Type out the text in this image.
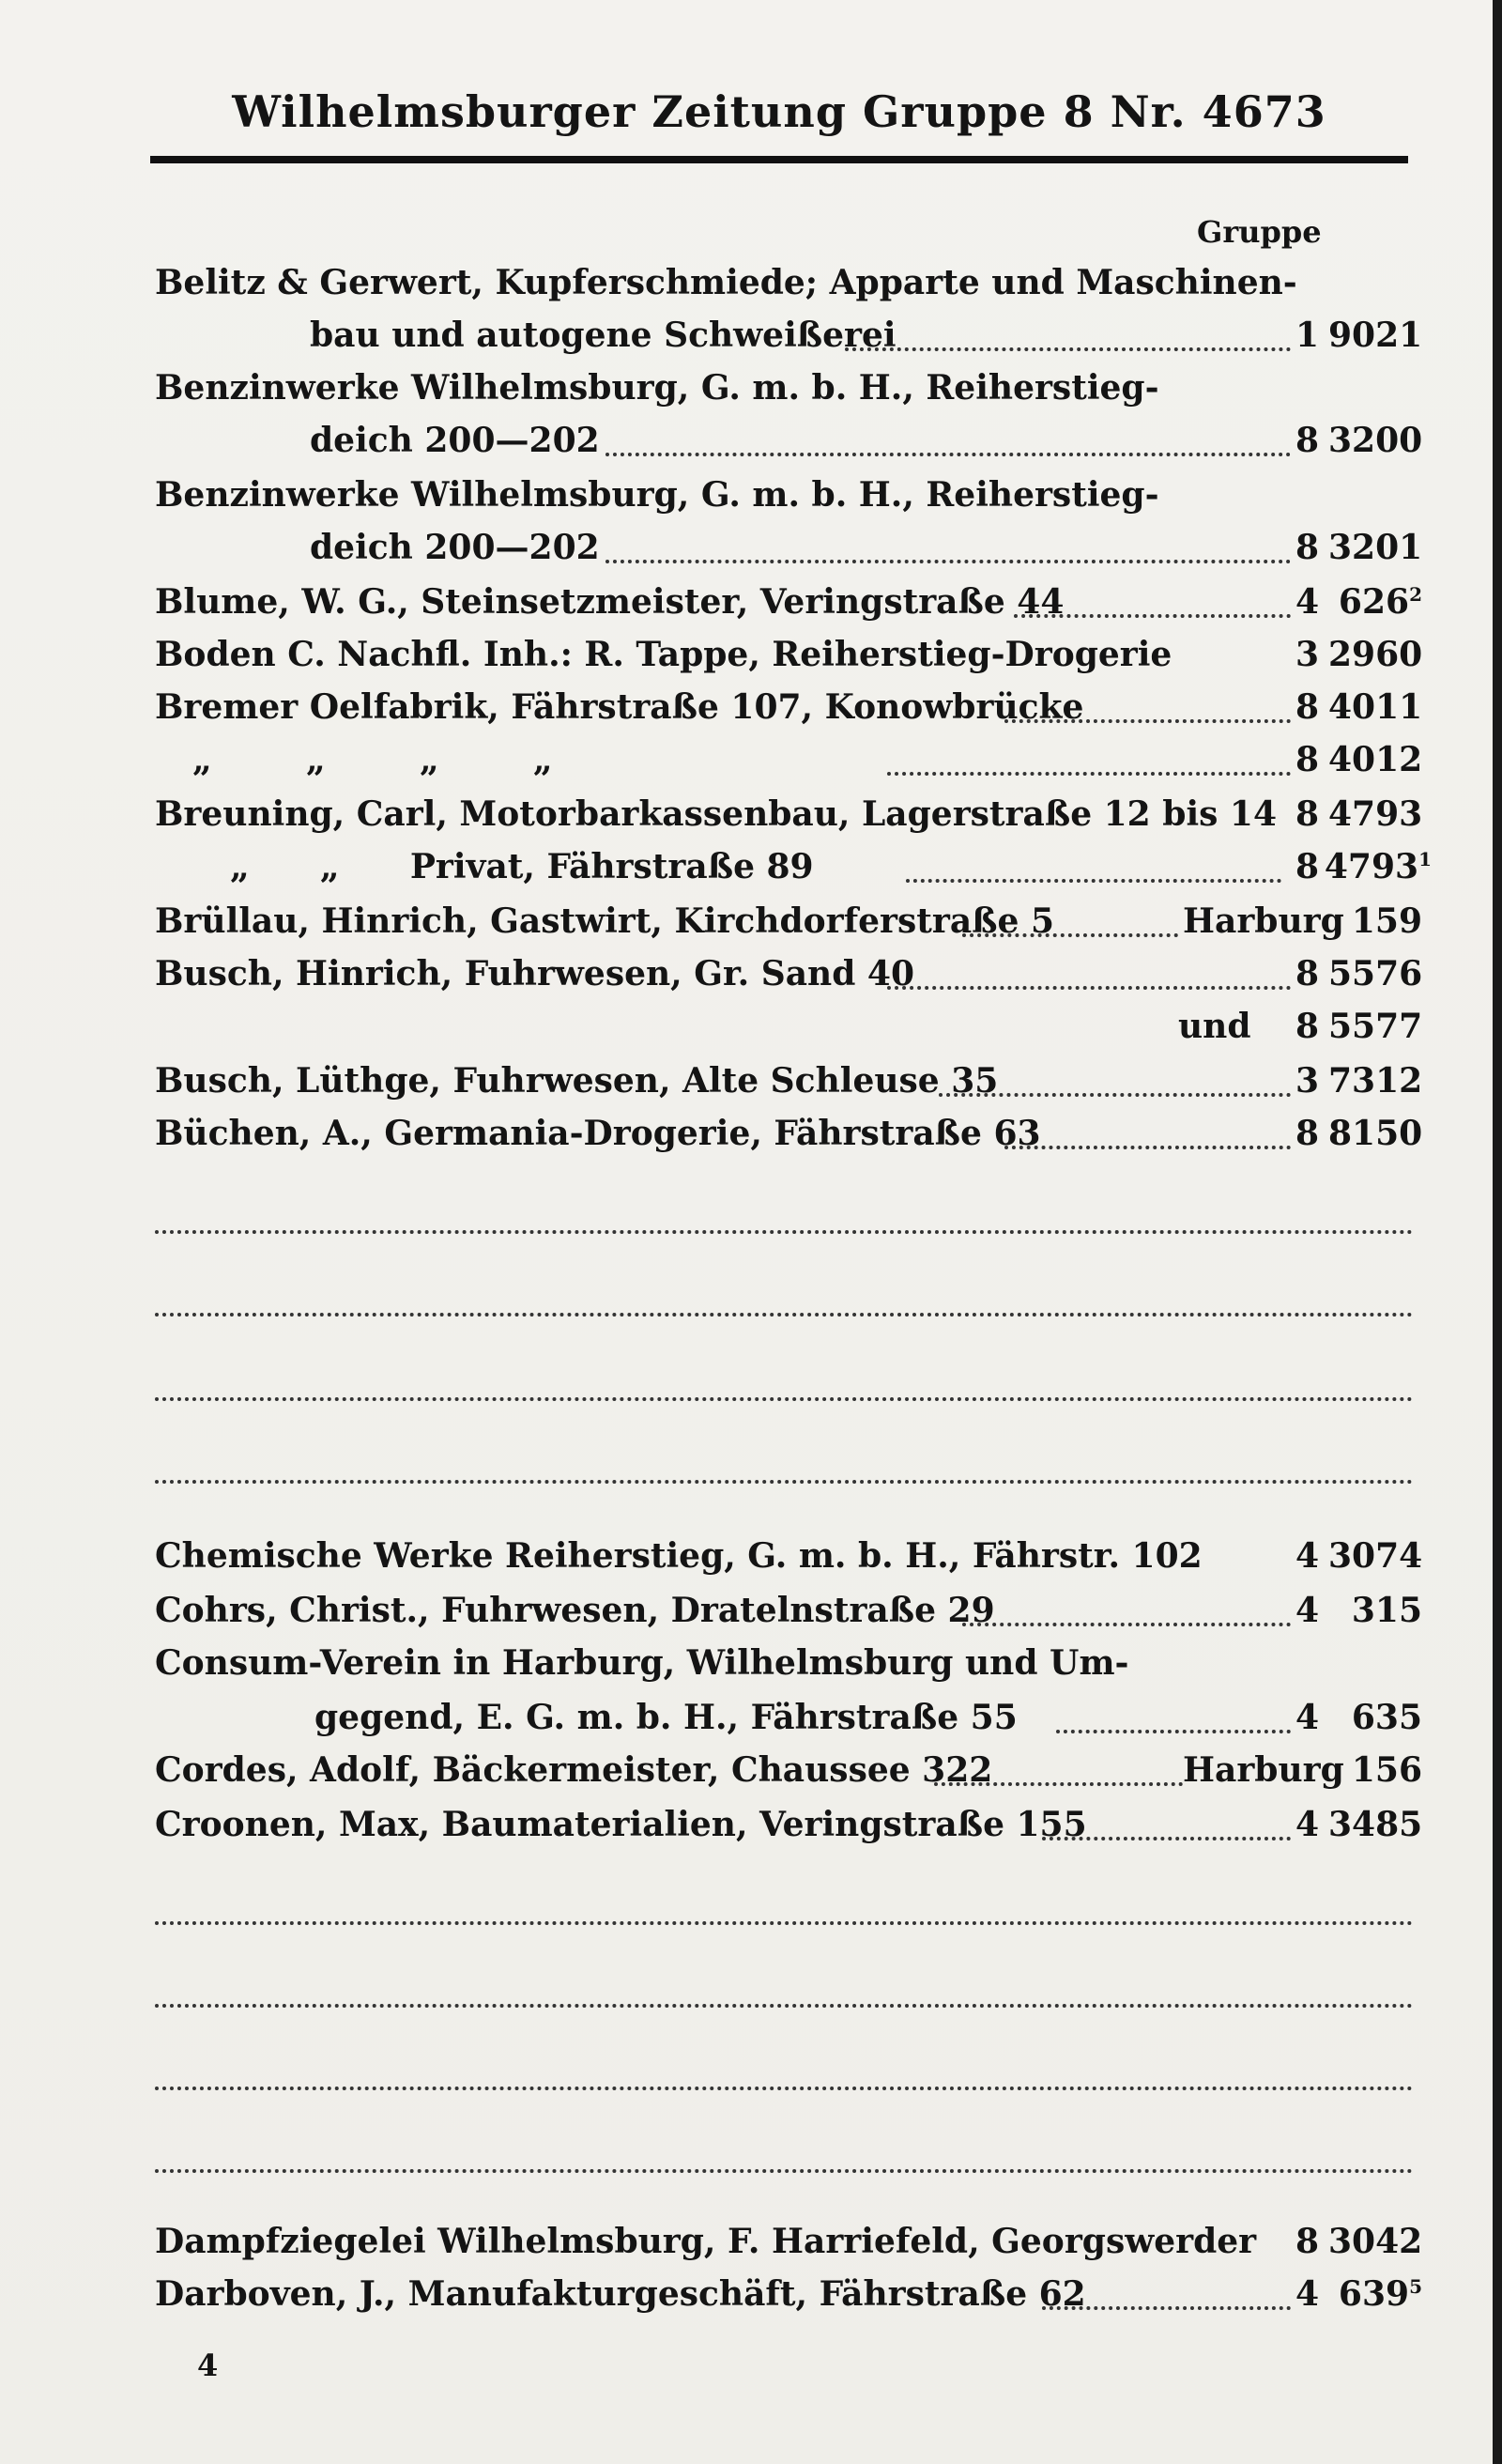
Wilhelmsburger Zeitung Gruppe 8 Nr. 4673
Gruppe
Belitz & Gerwert, Kupferschmiede; Apparte und Maschinen-
bau und autogene Schweißerei	1 9021
Benzinwerke Wilhelmsburg, G. m. b. H., Reiherstieg-
deich 200—202	8 3200
Benzinwerke Wilhelmsburg, G. m. b. H., Reiherstieg-
deich 200—202	8 3201
Blume, W. G., Steinsetzmeister, Veringstraße 44	4 $626^2$
Boden C. Nachfl. Inh.: R. Tappe, Reiherstieg-Drogerie	3 2960
Bremer Oelfabrik, Fährstraße 107, Konowbrücke	8 4011
„        „        „        „	8 4012
Breuning, Carl, Motorbarkassenbau, Lagerstraße 12 bis 14 8 4793
„      „      Privat, Fährstraße 89	8 4793$^1$
Brüllau, Hinrich, Gastwirt, Kirchdorferstraße 5	Harburg 159
Busch, Hinrich, Fuhrwesen, Gr. Sand 40	8 5576
und	8 5577
Busch, Lüthge, Fuhrwesen, Alte Schleuse 35	3 7312
Büchen, A., Germania-Drogerie, Fährstraße 63	8 8150
Chemische Werke Reiherstieg, G. m. b. H., Fährstr. 102	4 3074
Cohrs, Christ., Fuhrwesen, Dratelnstraße 29	4 315
Consum-Verein in Harburg, Wilhelmsburg und Um-
gegend, E. G. m. b. H., Fährstraße 55	4 635
Cordes, Adolf, Bäckermeister, Chaussee 322	Harburg 156
Croonen, Max, Baumaterialien, Veringstraße 155	4 3485
Dampfziegelei Wilhelmsburg, F. Harriefeld, Georgswerder	8 3042
Darboven, J., Manufakturgeschäft, Fährstraße 62	4 $639^5$
4
